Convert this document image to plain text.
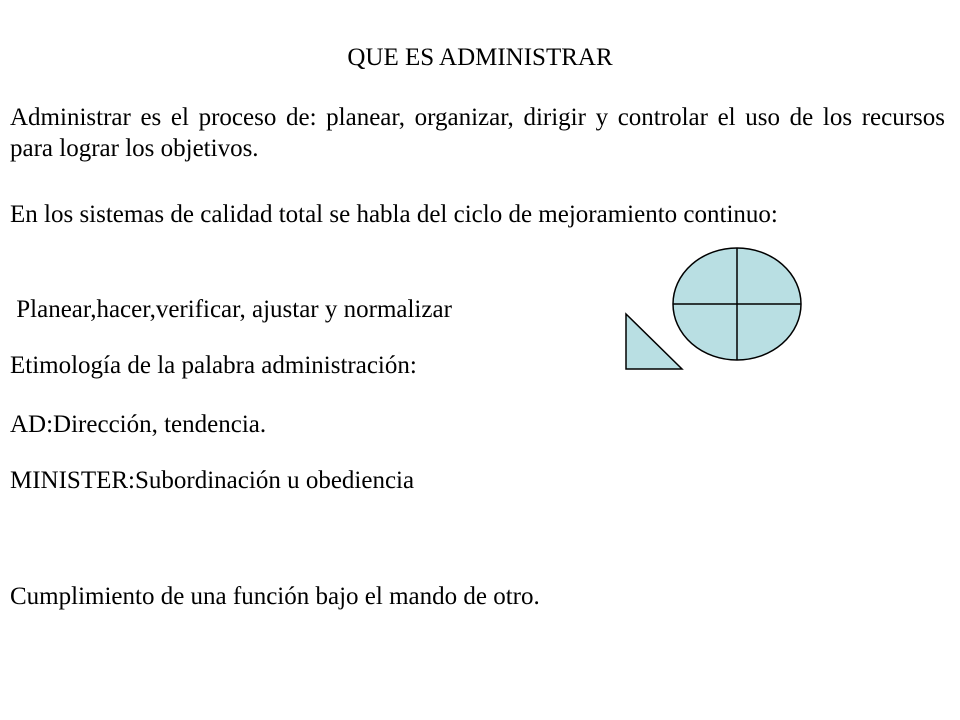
QUE ES ADMINISTRAR
Administrar es el proceso de: planear, organizar, dirigir y controlar el uso de los recursos para lograr los objetivos.
En los sistemas de calidad total se habla del ciclo de mejoramiento continuo:
Planear,hacer,verificar, ajustar y normalizar
Etimología de la palabra administración:
AD:Dirección, tendencia.
MINISTER:Subordinación u obediencia
Cumplimiento de una función bajo el mando de otro.
